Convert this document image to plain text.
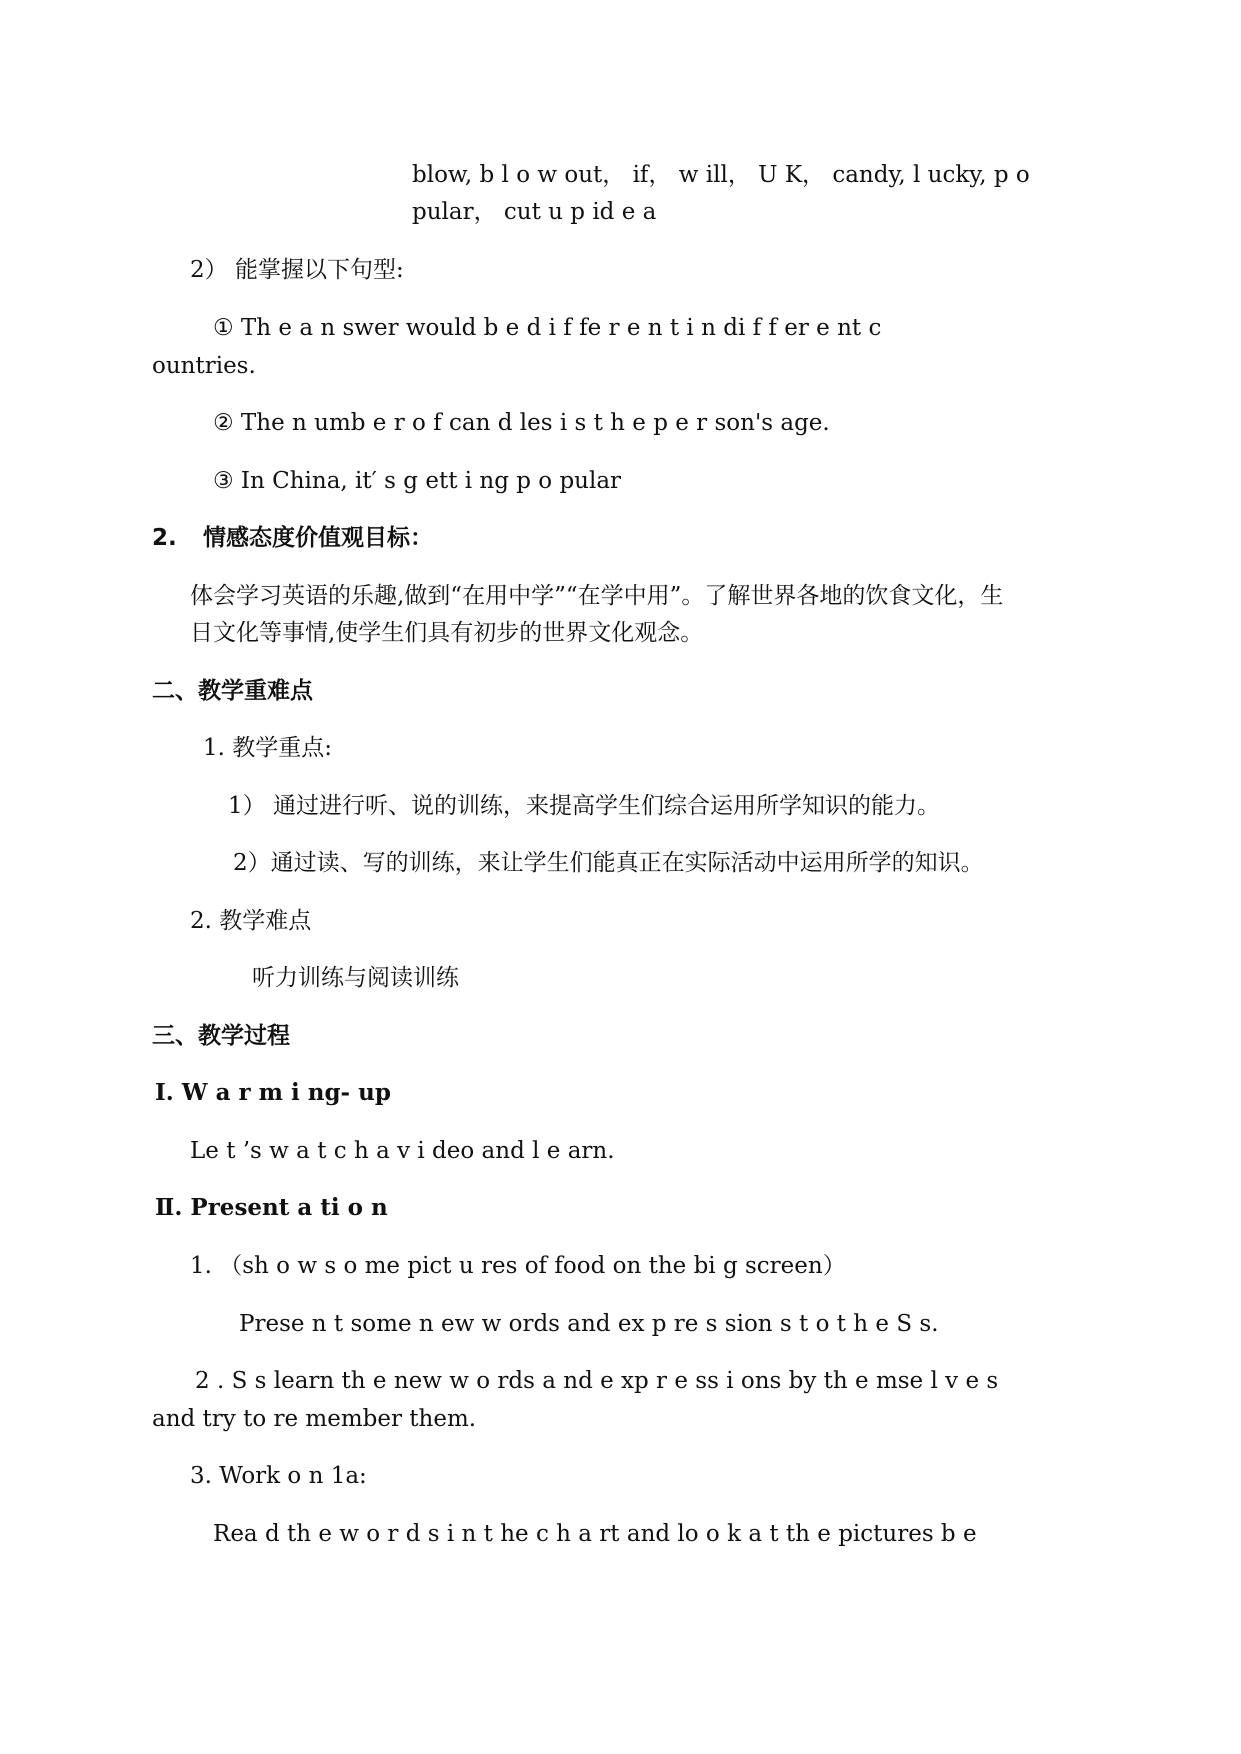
blow, b l o w out， if， w ill， U K， candy, l ucky, p o
pular， cut u p id e a
2） 能掌握以下句型:
① Th e a n swer would b e d i f fe r e n t i n di f f er e nt c
ountries.
② The n umb e r o f can d les i s t h e p e r son's age.
③ In China, it′ s g ett i ng p o pular
2. 情感态度价值观目标：
体会学习英语的乐趣,做到“在用中学”“在学中用”。了解世界各地的饮食文化，生
日文化等事情,使学生们具有初步的世界文化观念。
二、教学重难点
1. 教学重点:
1） 通过进行听、说的训练，来提高学生们综合运用所学知识的能力。
2）通过读、写的训练，来让学生们能真正在实际活动中运用所学的知识。
2. 教学难点
听力训练与阅读训练
三、教学过程
Ⅰ. W a r m i ng- up
Le t ’s w a t c h a v i deo and l e arn.
Ⅱ. Present a ti o n
1. （sh o w s o me pict u res of food on the bi g screen）
Prese n t some n ew w ords and ex p re s sion s t o t h e S s.
2 . S s learn th e new w o rds a nd e xp r e ss i ons by th e mse l v e s
and try to re member them.
3. Work o n 1a:
Rea d th e w o r d s i n t he c h a rt and lo o k a t th e pictures b e
